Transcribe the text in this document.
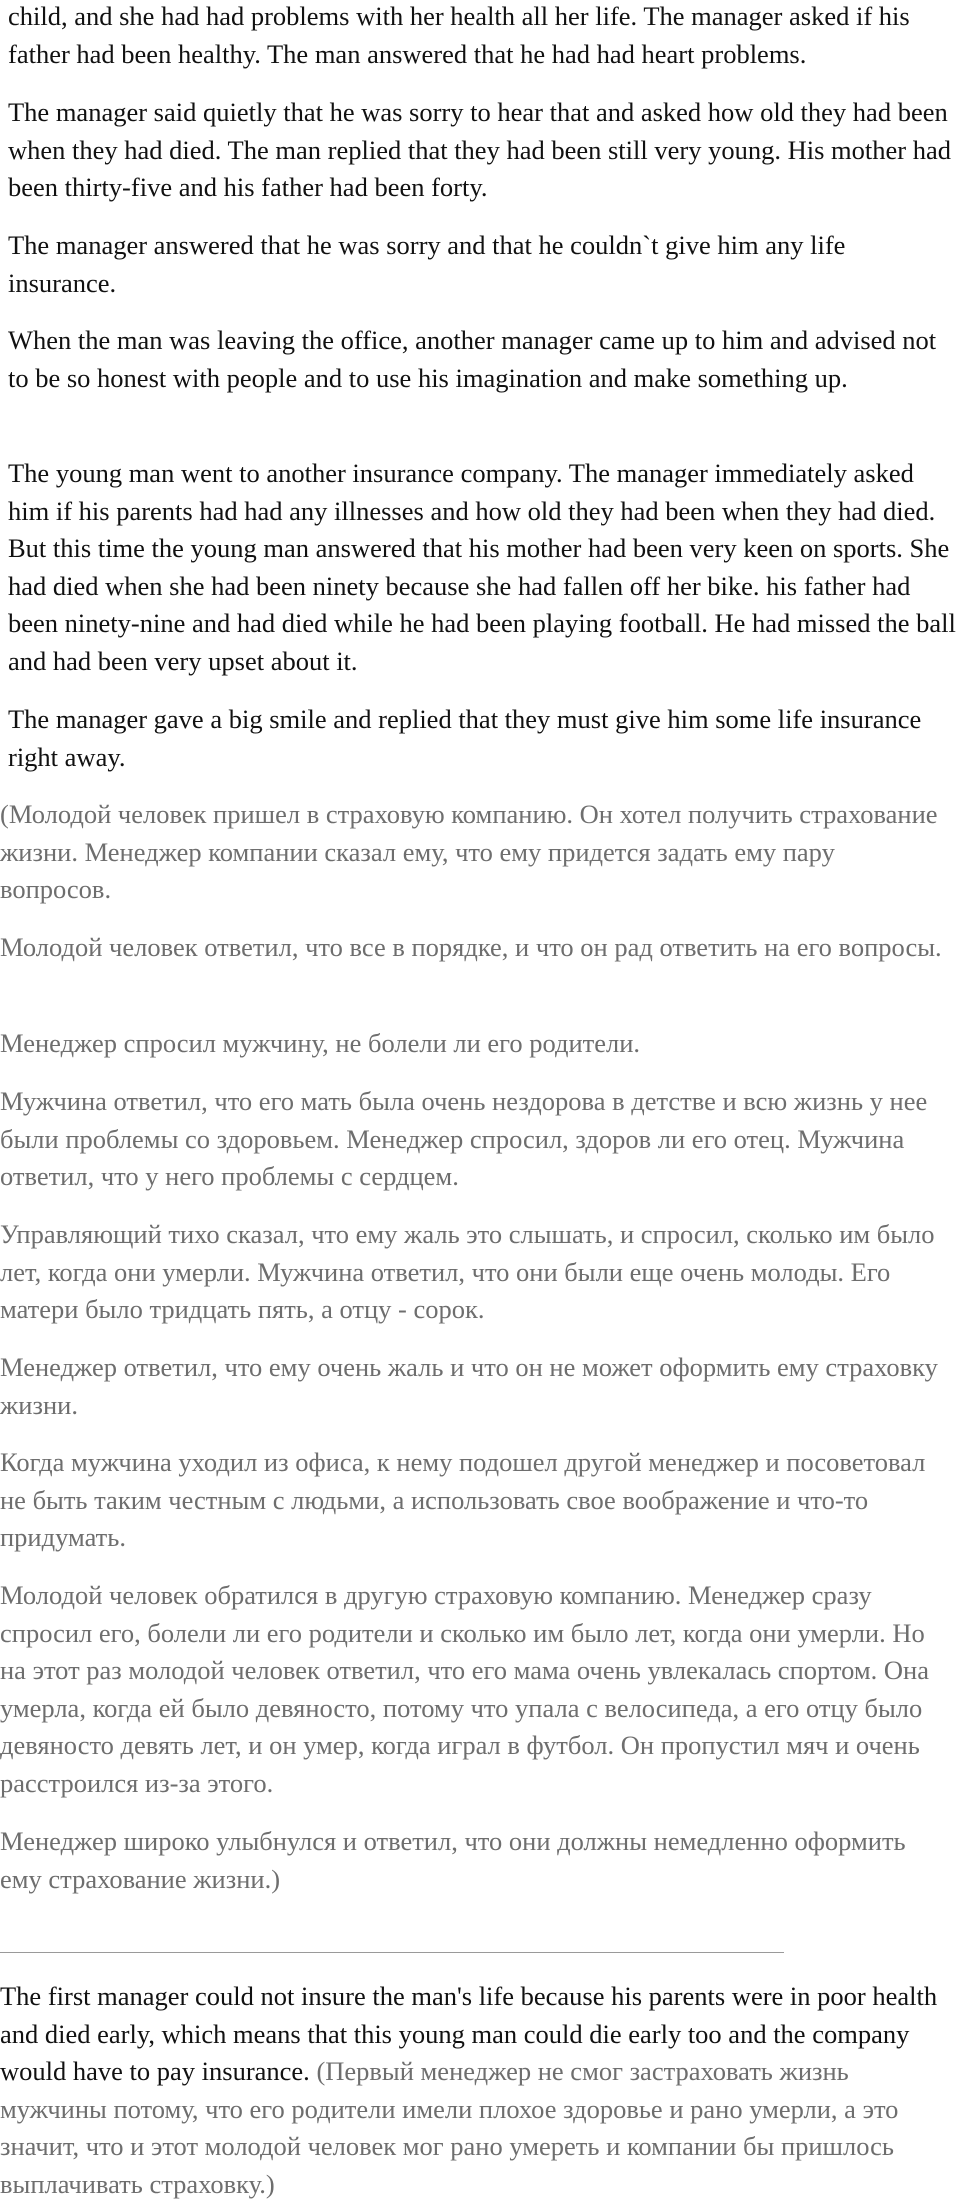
child, and she had had problems with her health all her life. The manager asked if his father had been healthy. The man answered that he had had heart problems.

The manager said quietly that he was sorry to hear that and asked how old they had been when they had died. The man replied that they had been still very young. His mother had been thirty-five and his father had been forty.

The manager answered that he was sorry and that he couldn`t give him any life insurance.

When the man was leaving the office, another manager came up to him and advised not to be so honest with people and to use his imagination and make something up.

The young man went to another insurance company. The manager immediately asked him if his parents had had any illnesses and how old they had been when they had died. But this time the young man answered that his mother had been very keen on sports. She had died when she had been ninety because she had fallen off her bike. his father had been ninety-nine and had died while he had been playing football. He had missed the ball and had been very upset about it.

The manager gave a big smile and replied that they must give him some life insurance right away.

(Молодой человек пришел в страховую компанию. Он хотел получить страхование жизни. Менеджер компании сказал ему, что ему придется задать ему пару вопросов.

Молодой человек ответил, что все в порядке, и что он рад ответить на его вопросы.

Менеджер спросил мужчину, не болели ли его родители.

Мужчина ответил, что его мать была очень нездорова в детстве и всю жизнь у нее были проблемы со здоровьем. Менеджер спросил, здоров ли его отец. Мужчина ответил, что у него проблемы с сердцем.

Управляющий тихо сказал, что ему жаль это слышать, и спросил, сколько им было лет, когда они умерли. Мужчина ответил, что они были еще очень молоды. Его матери было тридцать пять, а отцу - сорок.

Менеджер ответил, что ему очень жаль и что он не может оформить ему страховку жизни.

Когда мужчина уходил из офиса, к нему подошел другой менеджер и посоветовал не быть таким честным с людьми, а использовать свое воображение и что-то придумать.

Молодой человек обратился в другую страховую компанию. Менеджер сразу спросил его, болели ли его родители и сколько им было лет, когда они умерли. Но на этот раз молодой человек ответил, что его мама очень увлекалась спортом. Она умерла, когда ей было девяносто, потому что упала с велосипеда, а его отцу было девяносто девять лет, и он умер, когда играл в футбол. Он пропустил мяч и очень расстроился из-за этого.

Менеджер широко улыбнулся и ответил, что они должны немедленно оформить ему страхование жизни.)

The first manager could not insure the man's life because his parents were in poor health and died early, which means that this young man could die early too and the company would have to pay insurance. (Первый менеджер не смог застраховать жизнь мужчины потому, что его родители имели плохое здоровье и рано умерли, а это значит, что и этот молодой человек мог рано умереть и компании бы пришлось выплачивать страховку.)
